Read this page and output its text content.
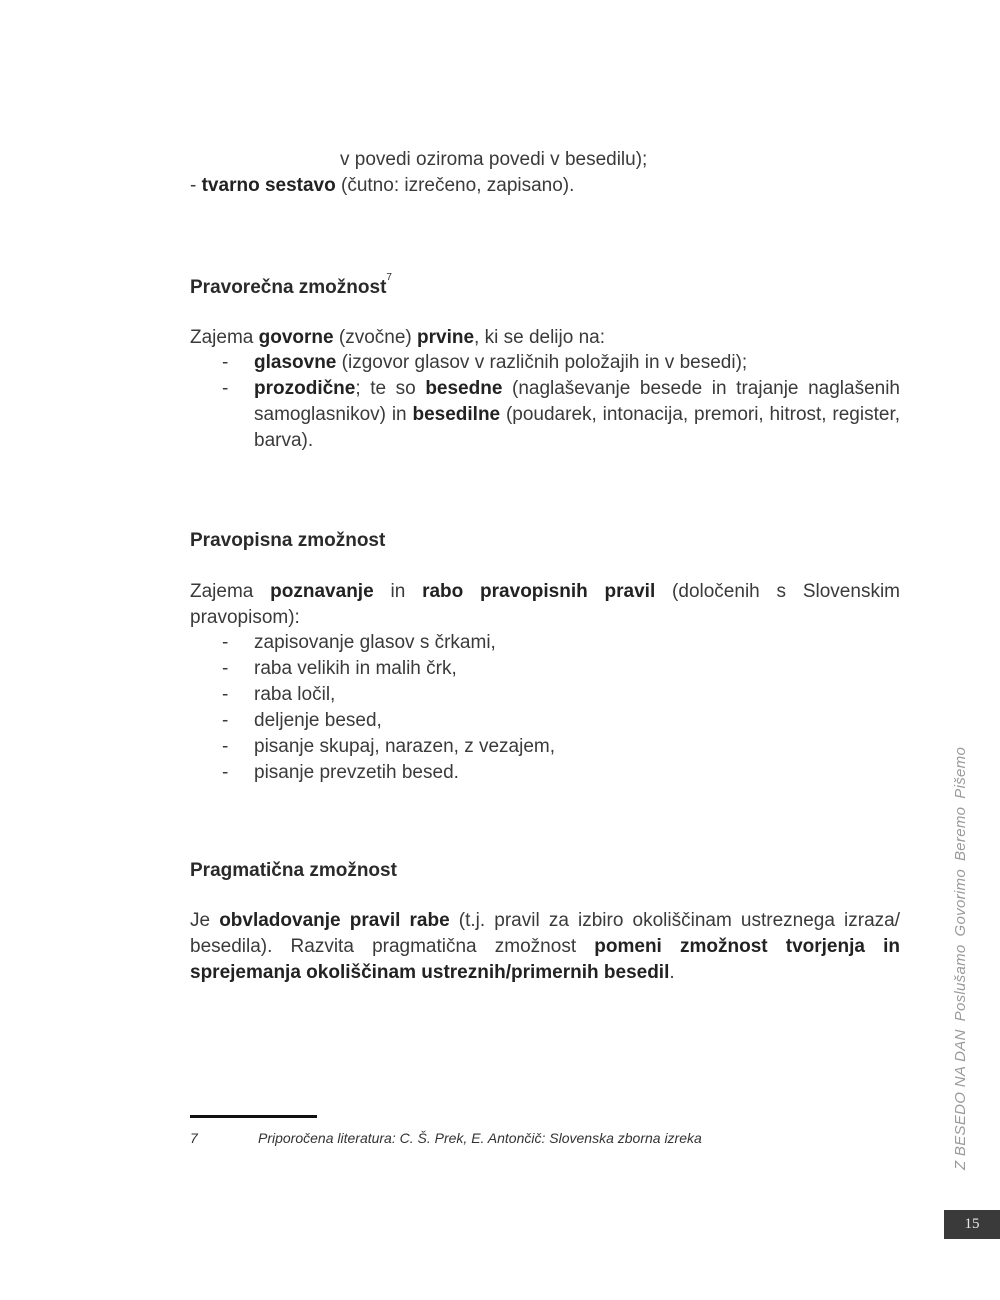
v povedi oziroma povedi v besedilu);
- tvarno sestavo (čutno: izrečeno, zapisano).
Pravorečna zmožnost$^7$
Zajema govorne (zvočne) prvine, ki se delijo na:
- glasovne (izgovor glasov v različnih položajih in v besedi);
- prozodične; te so besedne (naglaševanje besede in trajanje naglašenih samoglasnikov) in besedilne (poudarek, intonacija, premori, hitrost, register, barva).
Pravopisna zmožnost
Zajema poznavanje in rabo pravopisnih pravil (določenih s Slovenskim pravopisom):
- zapisovanje glasov s črkami,
- raba velikih in malih črk,
- raba ločil,
- deljenje besed,
- pisanje skupaj, narazen, z vezajem,
- pisanje prevzetih besed.
Pragmatična zmožnost
Je obvladovanje pravil rabe (t.j. pravil za izbiro okoliščinam ustreznega izraza/ besedila). Razvita pragmatična zmožnost pomeni zmožnost tvorjenja in sprejemanja okoliščinam ustreznih/primernih besedil.
7	Priporočena literatura: C. Š. Prek, E. Antončič: Slovenska zborna izreka	Z BESEDO NA DANPoslušamoGovorimoBeremoPišemo
15
